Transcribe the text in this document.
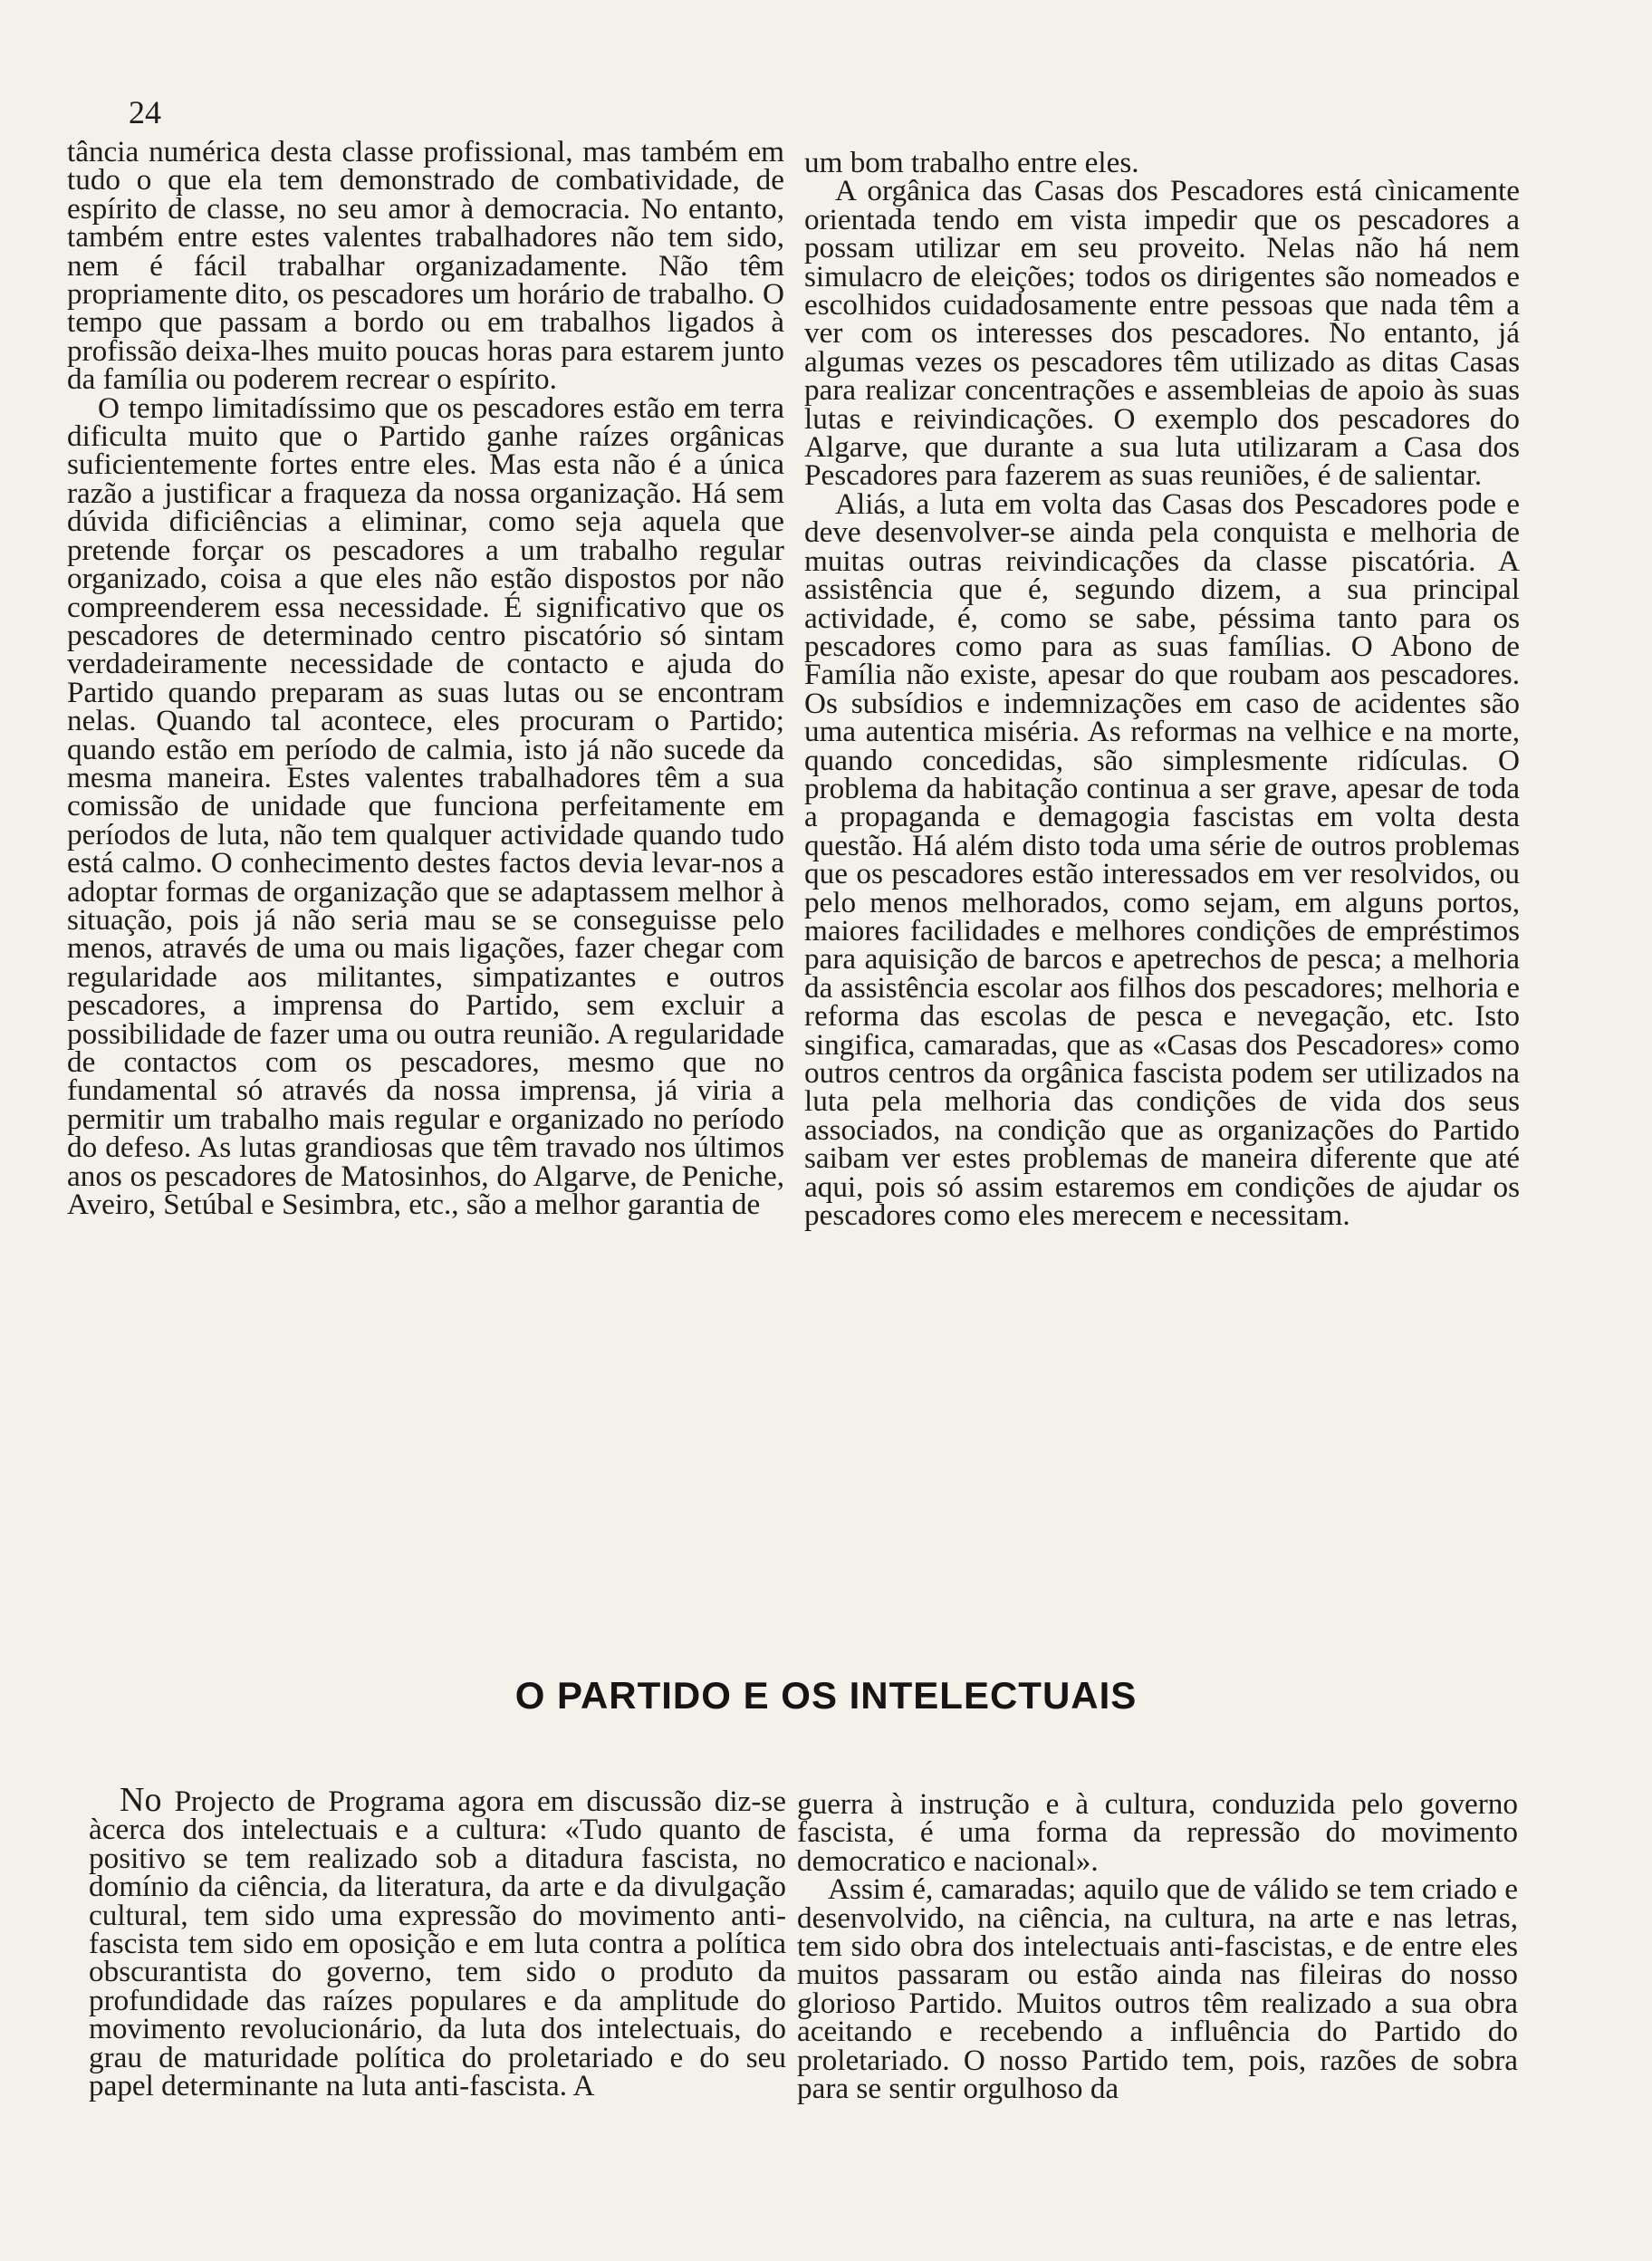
24

tância numérica desta classe profissional, mas também em tudo o que ela tem demonstrado de combatividade, de espírito de classe, no seu amor à democracia. No entanto, também entre estes valentes trabalhadores não tem sido, nem é fácil trabalhar organizadamente. Não têm propriamente dito, os pescadores um horário de trabalho. O tempo que passam a bordo ou em trabalhos ligados à profissão deixa-lhes muito poucas horas para estarem junto da família ou poderem recrear o espírito.

O tempo limitadíssimo que os pescadores estão em terra dificulta muito que o Partido ganhe raízes orgânicas suficientemente fortes entre eles. Mas esta não é a única razão a justificar a fraqueza da nossa organização. Há sem dúvida dificiências a eliminar, como seja aquela que pretende forçar os pescadores a um trabalho regular organizado, coisa a que eles não estão dispostos por não compreenderem essa necessidade. É significativo que os pescadores de determinado centro piscatório só sintam verdadeiramente necessidade de contacto e ajuda do Partido quando preparam as suas lutas ou se encontram nelas. Quando tal acontece, eles procuram o Partido; quando estão em período de calmia, isto já não sucede da mesma maneira. Estes valentes trabalhadores têm a sua comissão de unidade que funciona perfeitamente em períodos de luta, não tem qualquer actividade quando tudo está calmo. O conhecimento destes factos devia levar-nos a adoptar formas de organização que se adaptassem melhor à situação, pois já não seria mau se se conseguisse pelo menos, através de uma ou mais ligações, fazer chegar com regularidade aos militantes, simpatizantes e outros pescadores, a imprensa do Partido, sem excluir a possibilidade de fazer uma ou outra reunião. A regularidade de contactos com os pescadores, mesmo que no fundamental só através da nossa imprensa, já viria a permitir um trabalho mais regular e organizado no período do defeso. As lutas grandiosas que têm travado nos últimos anos os pescadores de Matosinhos, do Algarve, de Peniche, Aveiro, Setúbal e Sesimbra, etc., são a melhor garantia de

um bom trabalho entre eles.

A orgânica das Casas dos Pescadores está cìnicamente orientada tendo em vista impedir que os pescadores a possam utilizar em seu proveito. Nelas não há nem simulacro de eleições; todos os dirigentes são nomeados e escolhidos cuidadosamente entre pessoas que nada têm a ver com os interesses dos pescadores. No entanto, já algumas vezes os pescadores têm utilizado as ditas Casas para realizar concentrações e assembleias de apoio às suas lutas e reivindicações. O exemplo dos pescadores do Algarve, que durante a sua luta utilizaram a Casa dos Pescadores para fazerem as suas reuniões, é de salientar.

Aliás, a luta em volta das Casas dos Pescadores pode e deve desenvolver-se ainda pela conquista e melhoria de muitas outras reivindicações da classe piscatória. A assistência que é, segundo dizem, a sua principal actividade, é, como se sabe, péssima tanto para os pescadores como para as suas famílias. O Abono de Família não existe, apesar do que roubam aos pescadores. Os subsídios e indemnizações em caso de acidentes são uma autentica miséria. As reformas na velhice e na morte, quando concedidas, são simplesmente ridículas. O problema da habitação continua a ser grave, apesar de toda a propaganda e demagogia fascistas em volta desta questão. Há além disto toda uma série de outros problemas que os pescadores estão interessados em ver resolvidos, ou pelo menos melhorados, como sejam, em alguns portos, maiores facilidades e melhores condições de empréstimos para aquisição de barcos e apetrechos de pesca; a melhoria da assistência escolar aos filhos dos pescadores; melhoria e reforma das escolas de pesca e nevegação, etc. Isto singifica, camaradas, que as «Casas dos Pescadores» como outros centros da orgânica fascista podem ser utilizados na luta pela melhoria das condições de vida dos seus associados, na condição que as organizações do Partido saibam ver estes problemas de maneira diferente que até aqui, pois só assim estaremos em condições de ajudar os pescadores como eles merecem e necessitam.

O PARTIDO E OS INTELECTUAIS

No Projecto de Programa agora em discussão diz-se àcerca dos intelectuais e a cultura: «Tudo quanto de positivo se tem realizado sob a ditadura fascista, no domínio da ciência, da literatura, da arte e da divulgação cultural, tem sido uma expressão do movimento anti-fascista tem sido em oposição e em luta contra a política obscurantista do governo, tem sido o produto da profundidade das raízes populares e da amplitude do movimento revolucionário, da luta dos intelectuais, do grau de maturidade política do proletariado e do seu papel determinante na luta anti-fascista. A

guerra à instrução e à cultura, conduzida pelo governo fascista, é uma forma da repressão do movimento democratico e nacional».

Assim é, camaradas; aquilo que de válido se tem criado e desenvolvido, na ciência, na cultura, na arte e nas letras, tem sido obra dos intelectuais anti-fascistas, e de entre eles muitos passaram ou estão ainda nas fileiras do nosso glorioso Partido. Muitos outros têm realizado a sua obra aceitando e recebendo a influência do Partido do proletariado. O nosso Partido tem, pois, razões de sobra para se sentir orgulhoso da
